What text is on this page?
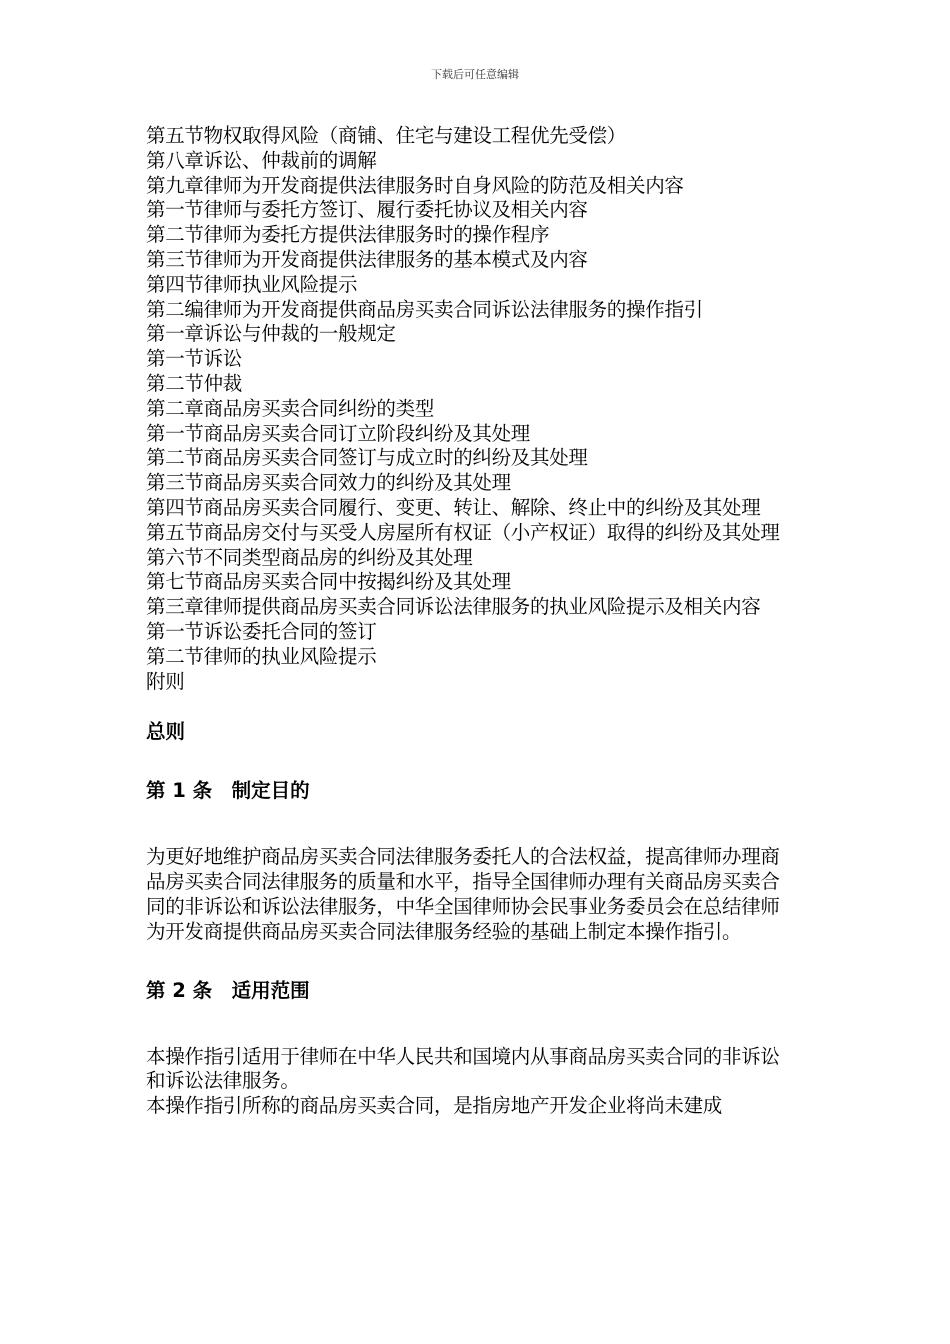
下载后可任意编辑

第五节物权取得风险（商铺、住宅与建设工程优先受偿）

第八章诉讼、仲裁前的调解

第九章律师为开发商提供法律服务时自身风险的防范及相关内容

第一节律师与委托方签订、履行委托协议及相关内容

第二节律师为委托方提供法律服务时的操作程序

第三节律师为开发商提供法律服务的基本模式及内容

第四节律师执业风险提示

第二编律师为开发商提供商品房买卖合同诉讼法律服务的操作指引

第一章诉讼与仲裁的一般规定

第一节诉讼

第二节仲裁

第二章商品房买卖合同纠纷的类型

第一节商品房买卖合同订立阶段纠纷及其处理

第二节商品房买卖合同签订与成立时的纠纷及其处理

第三节商品房买卖合同效力的纠纷及其处理

第四节商品房买卖合同履行、变更、转让、解除、终止中的纠纷及其处理

第五节商品房交付与买受人房屋所有权证（小产权证）取得的纠纷及其处理

第六节不同类型商品房的纠纷及其处理

第七节商品房买卖合同中按揭纠纷及其处理

第三章律师提供商品房买卖合同诉讼法律服务的执业风险提示及相关内容

第一节诉讼委托合同的签订

第二节律师的执业风险提示

附则

总则

第 1 条　制定目的

为更好地维护商品房买卖合同法律服务委托人的合法权益，提高律师办理商品房买卖合同法律服务的质量和水平，指导全国律师办理有关商品房买卖合同的非诉讼和诉讼法律服务，中华全国律师协会民事业务委员会在总结律师为开发商提供商品房买卖合同法律服务经验的基础上制定本操作指引。

第 2 条　适用范围

本操作指引适用于律师在中华人民共和国境内从事商品房买卖合同的非诉讼和诉讼法律服务。

本操作指引所称的商品房买卖合同，是指房地产开发企业将尚未建成
